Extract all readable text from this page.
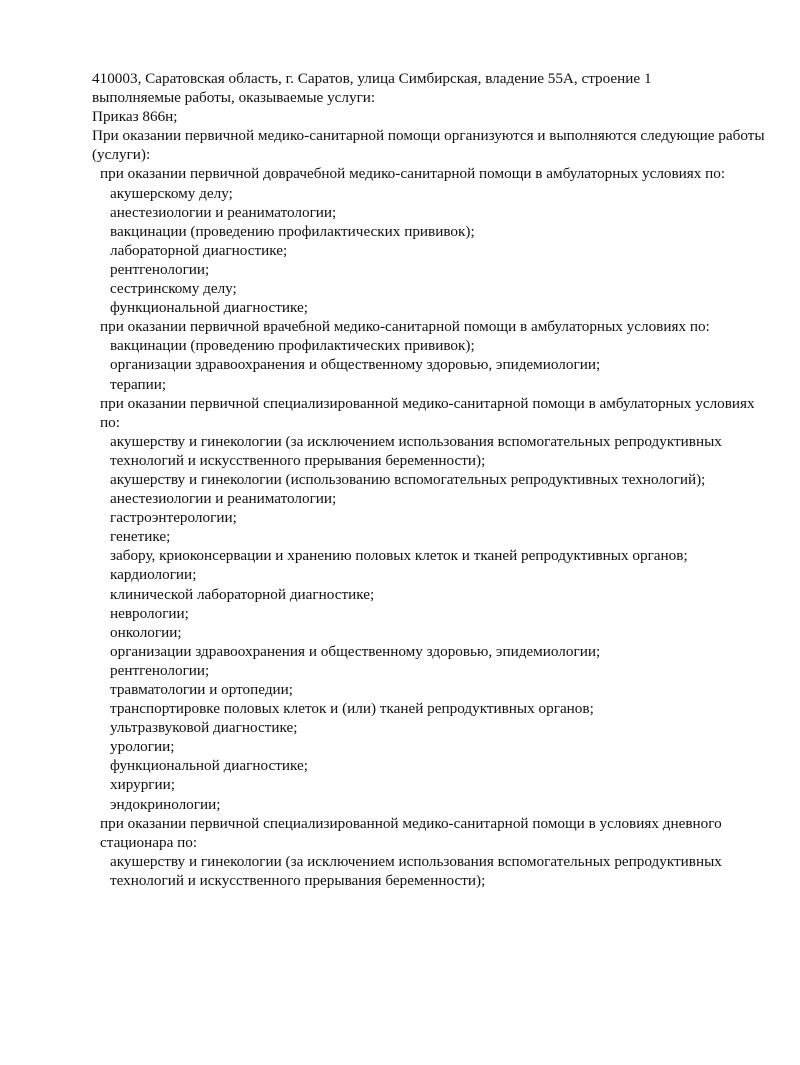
410003, Саратовская область, г. Саратов, улица Симбирская, владение 55А, строение 1

выполняемые работы, оказываемые услуги:

Приказ 866н;

При оказании первичной медико-санитарной помощи организуются и выполняются следующие работы (услуги):

при оказании первичной доврачебной медико-санитарной помощи в амбулаторных условиях по:

акушерскому делу;

анестезиологии и реаниматологии;

вакцинации (проведению профилактических прививок);

лабораторной диагностике;

рентгенологии;

сестринскому делу;

функциональной диагностике;

при оказании первичной врачебной медико-санитарной помощи в амбулаторных условиях по:

вакцинации (проведению профилактических прививок);

организации здравоохранения и общественному здоровью, эпидемиологии;

терапии;

при оказании первичной специализированной медико-санитарной помощи в амбулаторных условиях по:

акушерству и гинекологии (за исключением использования вспомогательных репродуктивных технологий и искусственного прерывания беременности);

акушерству и гинекологии (использованию вспомогательных репродуктивных технологий);

анестезиологии и реаниматологии;

гастроэнтерологии;

генетике;

забору, криоконсервации и хранению половых клеток и тканей репродуктивных органов;

кардиологии;

клинической лабораторной диагностике;

неврологии;

онкологии;

организации здравоохранения и общественному здоровью, эпидемиологии;

рентгенологии;

травматологии и ортопедии;

транспортировке половых клеток и (или) тканей репродуктивных органов;

ультразвуковой диагностике;

урологии;

функциональной диагностике;

хирургии;

эндокринологии;

при оказании первичной специализированной медико-санитарной помощи в условиях дневного стационара по:

акушерству и гинекологии (за исключением использования вспомогательных репродуктивных технологий и искусственного прерывания беременности);
